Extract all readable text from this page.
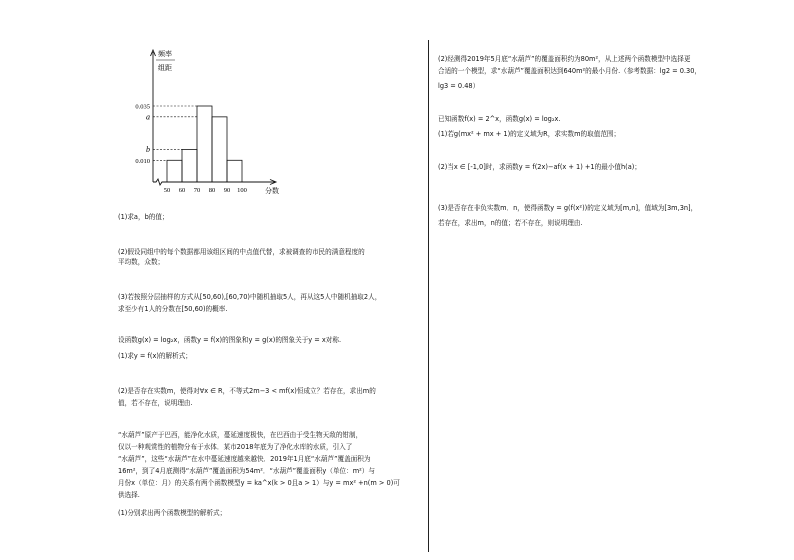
频率
组距
0.035
a
b
0.010
50 60 70 80 90 100	分数
(1)求a，b的值；
(2)假设同组中的每个数据都用该组区间的中点值代替，求被调查的市民的满意程度的
平均数，众数；
(3)若按照分层抽样的方式从[50,60),[60,70)中随机抽取5人，再从这5人中随机抽取2人，
求至少有1人的分数在[50,60)的概率.
设函数g(x) = log₂x，函数y = f(x)的图象和y = g(x)的图象关于y = x对称.
(1)求y = f(x)的解析式；
(2)是否存在实数m，使得对∀x ∈ R，不等式2m−3 < mf(x)恒成立？若存在，求出m的
值，若不存在，说明理由.
“水葫芦”原产于巴西，能净化水质，蔓延速度极快，在巴西由于受生物天敌的钳制，
仅以一种观赏性的植物分布于水体．某市2018年底为了净化水库的水质，引入了
“水葫芦”，这些“水葫芦”在水中蔓延速度越来越快．2019年1月底“水葫芦”覆盖面积为
16m²，到了4月底测得“水葫芦”覆盖面积为54m²．“水葫芦”覆盖面积y（单位：m²）与
月份x（单位：月）的关系有两个函数模型y = ka^x(k > 0且a > 1）与y = mx² +n(m > 0)可
供选择.
(1)分别求出两个函数模型的解析式；
(2)经测得2019年5月底“水葫芦”的覆盖面积约为80m²，从上述两个函数模型中选择更
合适的一个模型，求“水葫芦”覆盖面积达到640m²的最小月份.（参考数据：lg2 = 0.30，
lg3 = 0.48）
已知函数f(x) = 2^x，函数g(x) = log₂x.
(1)若g(mx² + mx + 1)的定义域为R，求实数m的取值范围；
(2)当x ∈ [-1,0]时，求函数y = f(2x)−af(x + 1) +1的最小值h(a)；
(3)是否存在非负实数m．n，使得函数y = g(f(x²))的定义域为[m,n]，值域为[3m,3n]，
若存在，求出m，n的值；若不存在，则说明理由.
